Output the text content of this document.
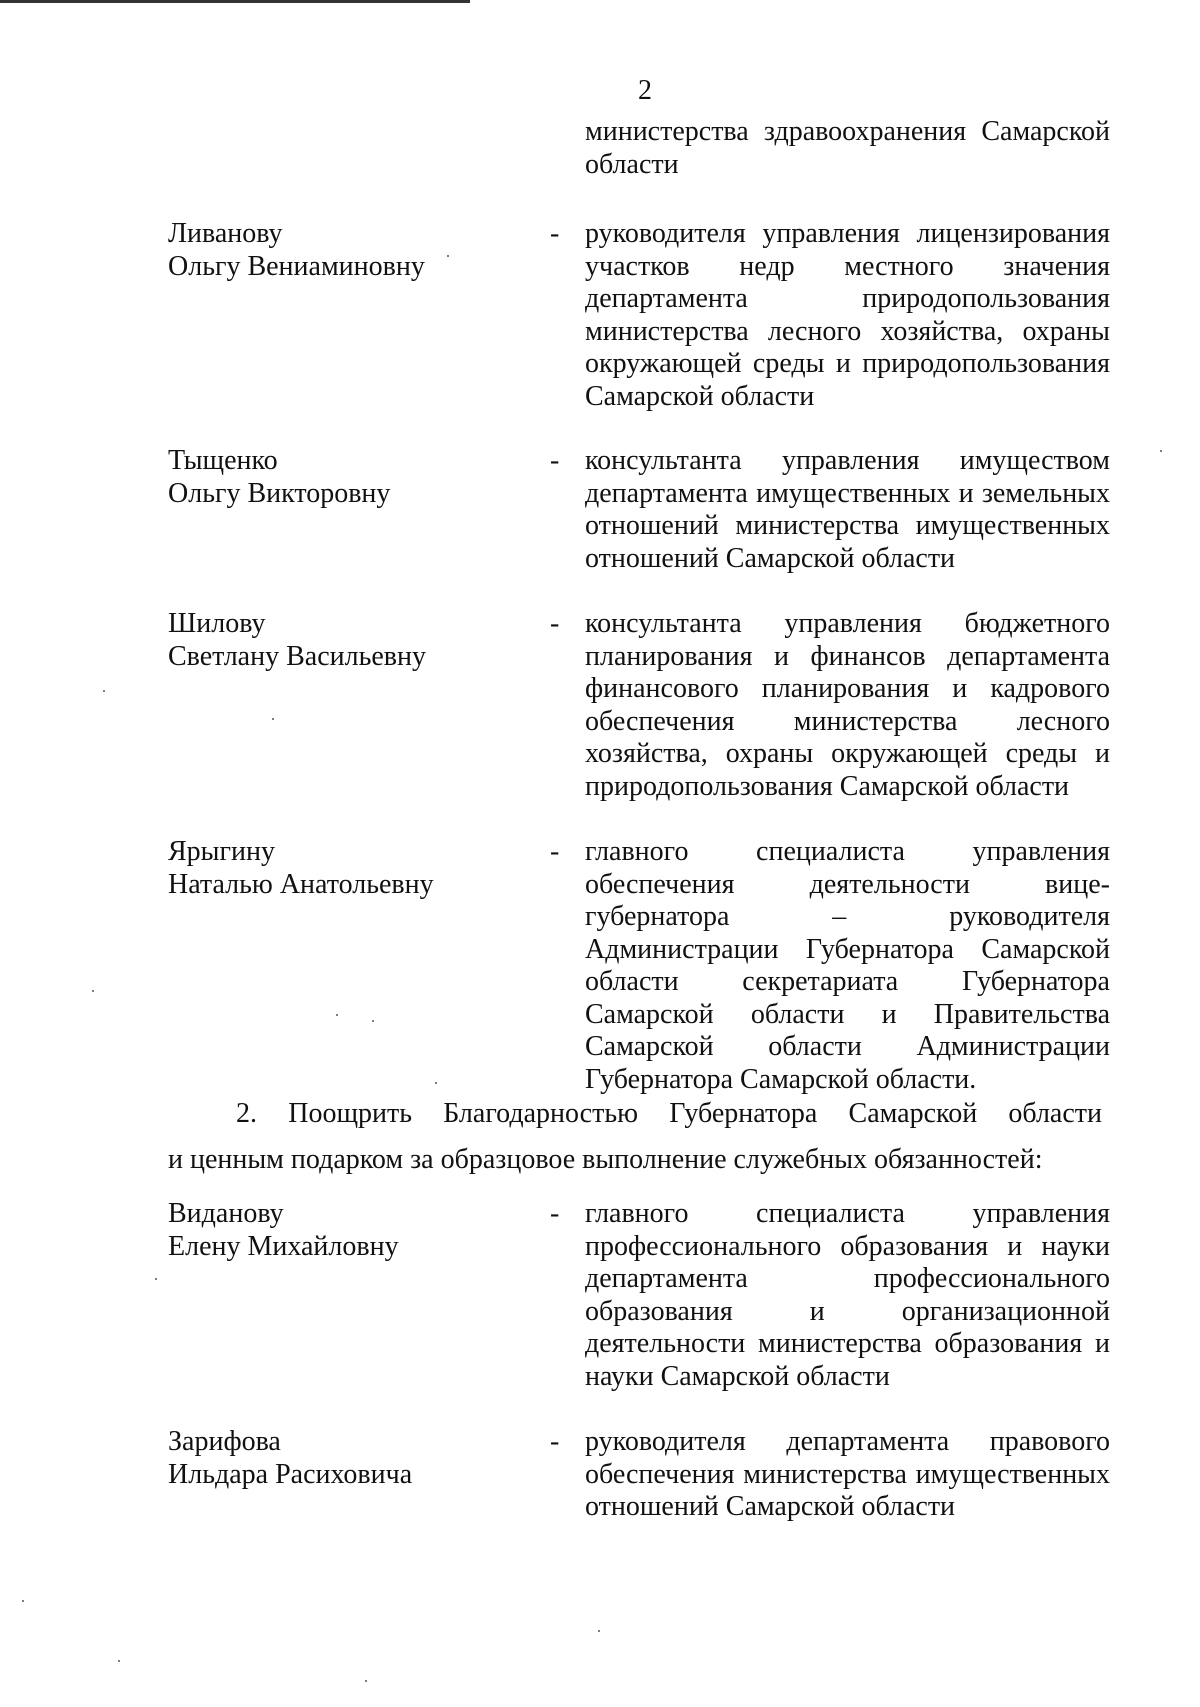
2
министерства здравоохранения Самарской области
Ливанову
Ольгу Вениаминовну
- руководителя управления лицензирования участков недр местного значения департамента природопользования министерства лесного хозяйства, охраны окружающей среды и природопользования Самарской области
Тыщенко
Ольгу Викторовну
- консультанта управления имуществом департамента имущественных и земельных отношений министерства имущественных отношений Самарской области
Шилову
Светлану Васильевну
- консультанта управления бюджетного планирования и финансов департамента финансового планирования и кадрового обеспечения министерства лесного хозяйства, охраны окружающей среды и природопользования Самарской области
Ярыгину
Наталью Анатольевну
- главного специалиста управления обеспечения деятельности вице-губернатора – руководителя Администрации Губернатора Самарской области секретариата Губернатора Самарской области и Правительства Самарской области Администрации Губернатора Самарской области.
2. Поощрить Благодарностью Губернатора Самарской области
и ценным подарком за образцовое выполнение служебных обязанностей:
Виданову
Елену Михайловну
- главного специалиста управления профессионального образования и науки департамента профессионального образования и организационной деятельности министерства образования и науки Самарской области
Зарифова
Ильдара Расиховича
- руководителя департамента правового обеспечения министерства имущественных отношений Самарской области
